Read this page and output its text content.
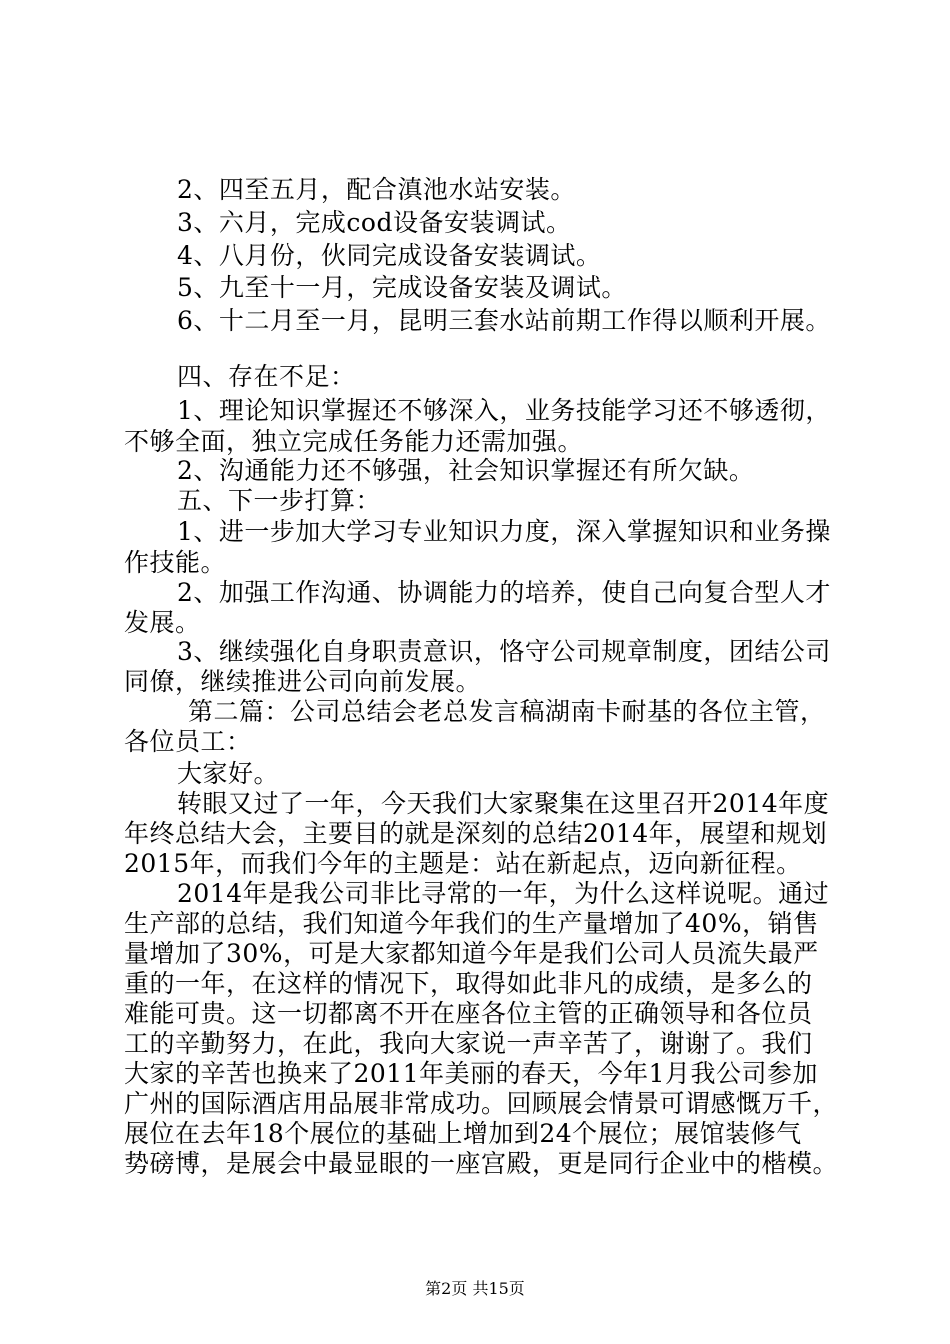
2、四至五月，配合滇池水站安装。
3、六月，完成cod设备安装调试。
4、八月份，伙同完成设备安装调试。
5、九至十一月，完成设备安装及调试。
6、十二月至一月，昆明三套水站前期工作得以顺利开展。
四、存在不足：
1、理论知识掌握还不够深入，业务技能学习还不够透彻，
不够全面，独立完成任务能力还需加强。
2、沟通能力还不够强，社会知识掌握还有所欠缺。
五、下一步打算：
1、进一步加大学习专业知识力度，深入掌握知识和业务操
作技能。
2、加强工作沟通、协调能力的培养，使自己向复合型人才
发展。
3、继续强化自身职责意识，恪守公司规章制度，团结公司
同僚，继续推进公司向前发展。
第二篇：公司总结会老总发言稿湖南卡耐基的各位主管，
各位员工：
大家好。
转眼又过了一年，今天我们大家聚集在这里召开2014年度
年终总结大会，主要目的就是深刻的总结2014年，展望和规划
2015年，而我们今年的主题是：站在新起点，迈向新征程。
2014年是我公司非比寻常的一年，为什么这样说呢。通过
生产部的总结，我们知道今年我们的生产量增加了40%，销售
量增加了30%，可是大家都知道今年是我们公司人员流失最严
重的一年，在这样的情况下，取得如此非凡的成绩，是多么的
难能可贵。这一切都离不开在座各位主管的正确领导和各位员
工的辛勤努力，在此，我向大家说一声辛苦了，谢谢了。我们
大家的辛苦也换来了2011年美丽的春天，今年1月我公司参加
广州的国际酒店用品展非常成功。回顾展会情景可谓感慨万千，
展位在去年18个展位的基础上增加到24个展位；展馆装修气
势磅博，是展会中最显眼的一座宫殿，更是同行企业中的楷模。
第2页 共15页
